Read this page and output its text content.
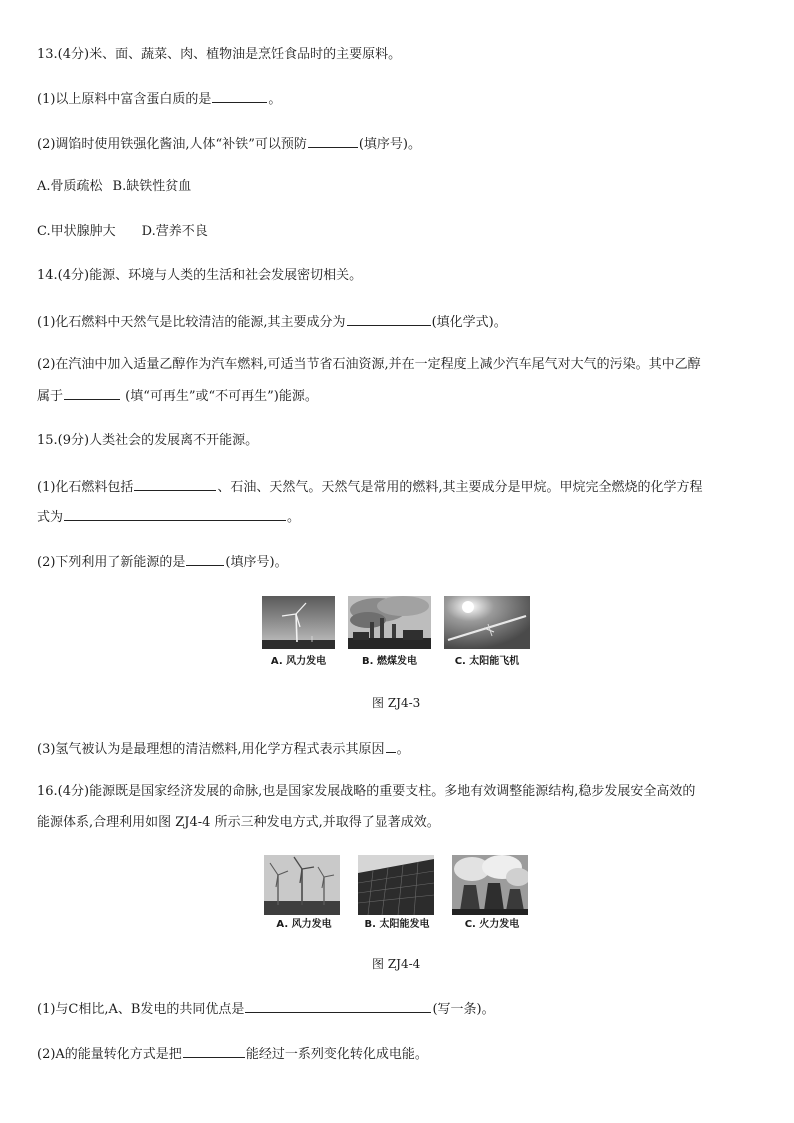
13.(4分)米、面、蔬菜、肉、植物油是烹饪食品时的主要原料。
(1)以上原料中富含蛋白质的是	。
(2)调馅时使用铁强化酱油,人体“补铁”可以预防	(填序号)。
A.骨质疏松 B.缺铁性贫血
C.甲状腺肿大 D.营养不良
14.(4分)能源、环境与人类的生活和社会发展密切相关。
(1)化石燃料中天然气是比较清洁的能源,其主要成分为	(填化学式)。
(2)在汽油中加入适量乙醇作为汽车燃料,可适当节省石油资源,并在一定程度上减少汽车尾气对大气的污染。其中乙醇
属于	(填“可再生”或“不可再生”)能源。
15.(9分)人类社会的发展离不开能源。
(1)化石燃料包括	、石油、天然气。天然气是常用的燃料,其主要成分是甲烷。甲烷完全燃烧的化学方程
式为	。
(2)下列利用了新能源的是	(填序号)。
A. 风力发电	B. 燃煤发电	C. 太阳能飞机
图 ZJ4-3
(3)氢气被认为是最理想的清洁燃料,用化学方程式表示其原因 。
16.(4分)能源既是国家经济发展的命脉,也是国家发展战略的重要支柱。多地有效调整能源结构,稳步发展安全高效的
能源体系,合理利用如图 ZJ4-4 所示三种发电方式,并取得了显著成效。
A. 风力发电	B. 太阳能发电	C. 火力发电
图 ZJ4-4
(1)与C相比,A、B发电的共同优点是	(写一条)。
(2)A的能量转化方式是把	能经过一系列变化转化成电能。
